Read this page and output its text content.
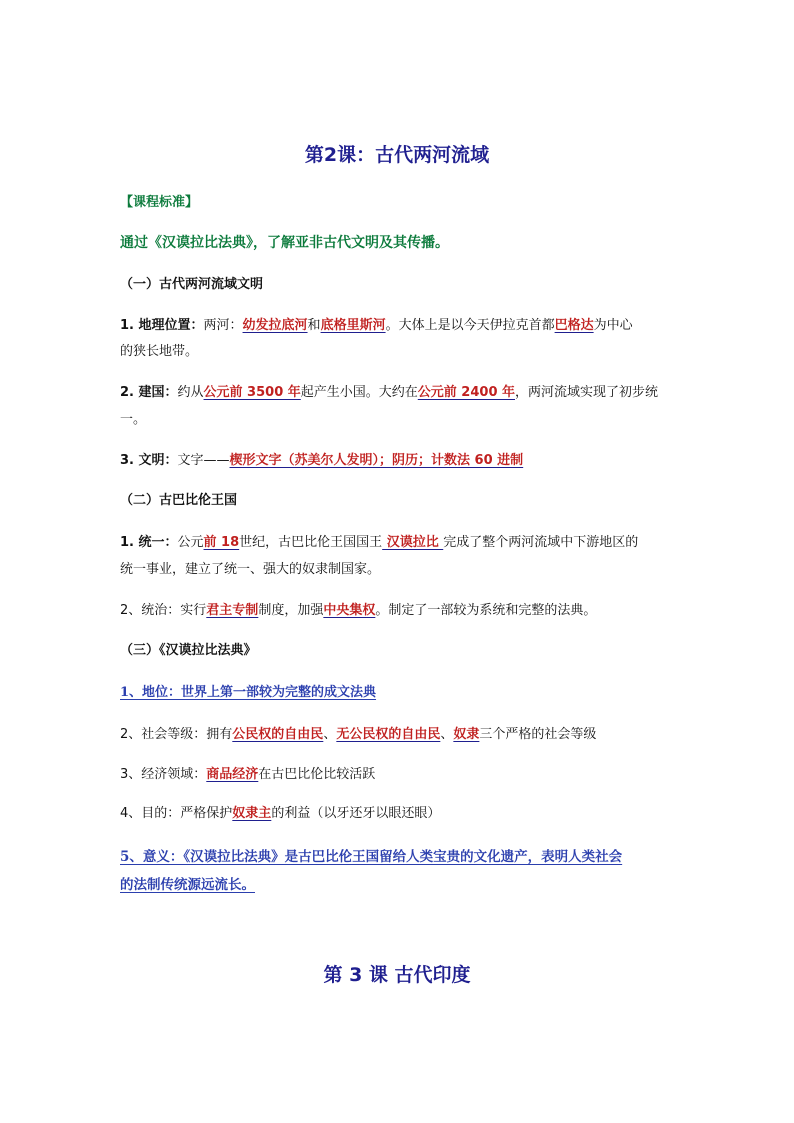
第2课：古代两河流域
【课程标准】
通过《汉谟拉比法典》，了解亚非古代文明及其传播。
（一）古代两河流域文明
1. 地理位置：两河：幼发拉底河和底格里斯河。大体上是以今天伊拉克首都巴格达为中心
的狭长地带。
2. 建国：约从公元前 3500 年起产生小国。大约在公元前 2400 年，两河流域实现了初步统
一。
3. 文明：文字——楔形文字（苏美尔人发明）；阴历；计数法 60 进制
（二）古巴比伦王国
1. 统一：公元前 18世纪，古巴比伦王国国王 汉谟拉比 完成了整个两河流域中下游地区的
统一事业，建立了统一、强大的奴隶制国家。
2、统治：实行君主专制制度，加强中央集权。制定了一部较为系统和完整的法典。
（三）《汉谟拉比法典》
1、地位：世界上第一部较为完整的成文法典
2、社会等级：拥有公民权的自由民、无公民权的自由民、奴隶三个严格的社会等级
3、经济领域：商品经济在古巴比伦比较活跃
4、目的：严格保护奴隶主的利益（以牙还牙以眼还眼）
5、意义：《汉谟拉比法典》是古巴比伦王国留给人类宝贵的文化遗产，表明人类社会
的法制传统源远流长。
第 3 课 古代印度
